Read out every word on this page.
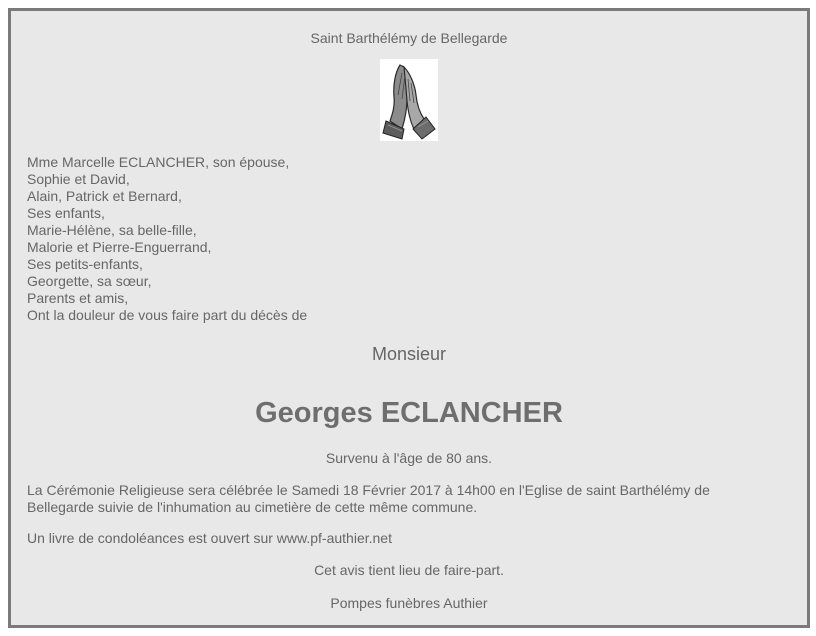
Saint Barthélémy de Bellegarde
Mme Marcelle ECLANCHER, son épouse,
Sophie et David,
Alain, Patrick et Bernard,
Ses enfants,
Marie-Hélène, sa belle-fille,
Malorie et Pierre-Enguerrand,
Ses petits-enfants,
Georgette, sa sœur,
Parents et amis,
Ont la douleur de vous faire part du décès de
Monsieur
Georges ECLANCHER
Survenu à l'âge de 80 ans.
La Cérémonie Religieuse sera célébrée le Samedi 18 Février 2017 à 14h00 en l'Eglise de saint Barthélémy de Bellegarde suivie de l'inhumation au cimetière de cette même commune.
Un livre de condoléances est ouvert sur www.pf-authier.net
Cet avis tient lieu de faire-part.
Pompes funèbres Authier
